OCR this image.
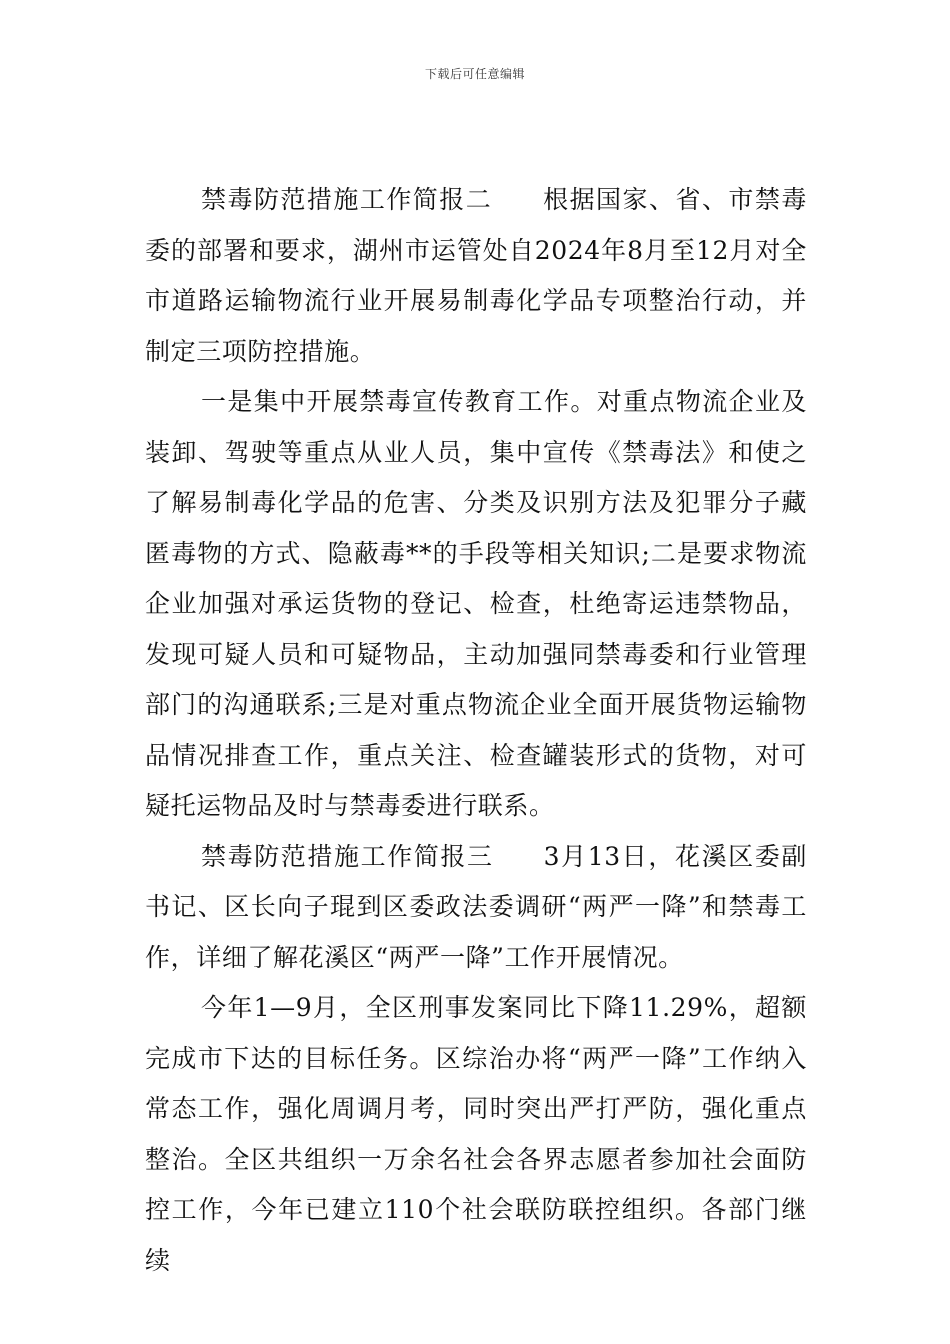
下载后可任意编辑

禁毒防范措施工作简报二 根据国家、省、市禁毒委的部署和要求，湖州市运管处自2024年8月至12月对全市道路运输物流行业开展易制毒化学品专项整治行动，并制定三项防控措施。

一是集中开展禁毒宣传教育工作。对重点物流企业及装卸、驾驶等重点从业人员，集中宣传《禁毒法》和使之了解易制毒化学品的危害、分类及识别方法及犯罪分子藏匿毒物的方式、隐蔽毒**的手段等相关知识;二是要求物流企业加强对承运货物的登记、检查，杜绝寄运违禁物品，发现可疑人员和可疑物品，主动加强同禁毒委和行业管理部门的沟通联系;三是对重点物流企业全面开展货物运输物品情况排查工作，重点关注、检查罐装形式的货物，对可疑托运物品及时与禁毒委进行联系。

禁毒防范措施工作简报三 3月13日，花溪区委副书记、区长向子琨到区委政法委调研“两严一降”和禁毒工作，详细了解花溪区“两严一降”工作开展情况。

今年1—9月，全区刑事发案同比下降11.29%，超额完成市下达的目标任务。区综治办将“两严一降”工作纳入常态工作，强化周调月考，同时突出严打严防，强化重点整治。全区共组织一万余名社会各界志愿者参加社会面防控工作，今年已建立110个社会联防联控组织。各部门继续
